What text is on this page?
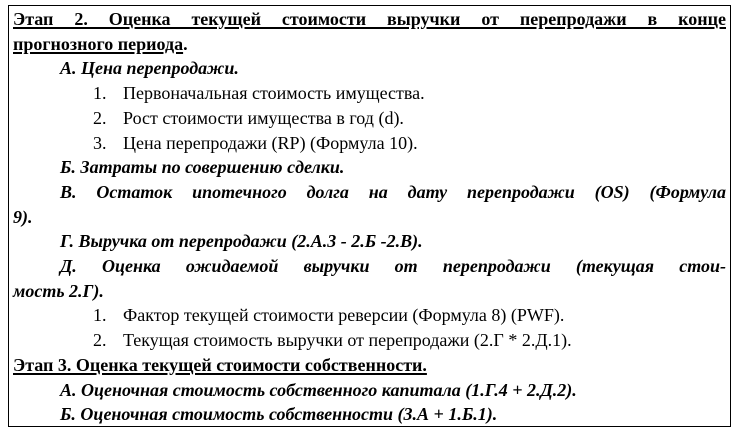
Этап 2. Оценка текущей стоимости выручки от перепродажи в конце
прогнозного периода.
А. Цена перепродажи.
1. Первоначальная стоимость имущества.
2. Рост стоимости имущества в год (d).
3. Цена перепродажи (RP) (Формула 10).
Б. Затраты по совершению сделки.
В. Остаток ипотечного долга на дату перепродажи (OS) (Формула
9).
Г. Выручка от перепродажи (2.А.3 - 2.Б -2.В).
Д. Оценка ожидаемой выручки от перепродажи (текущая стои-
мость 2.Г).
1. Фактор текущей стоимости реверсии (Формула 8) (PWF).
2. Текущая стоимость выручки от перепродажи (2.Г * 2.Д.1).
Этап 3. Оценка текущей стоимости собственности.
А. Оценочная стоимость собственного капитала (1.Г.4 + 2.Д.2).
Б. Оценочная стоимость собственности (3.А + 1.Б.1).
